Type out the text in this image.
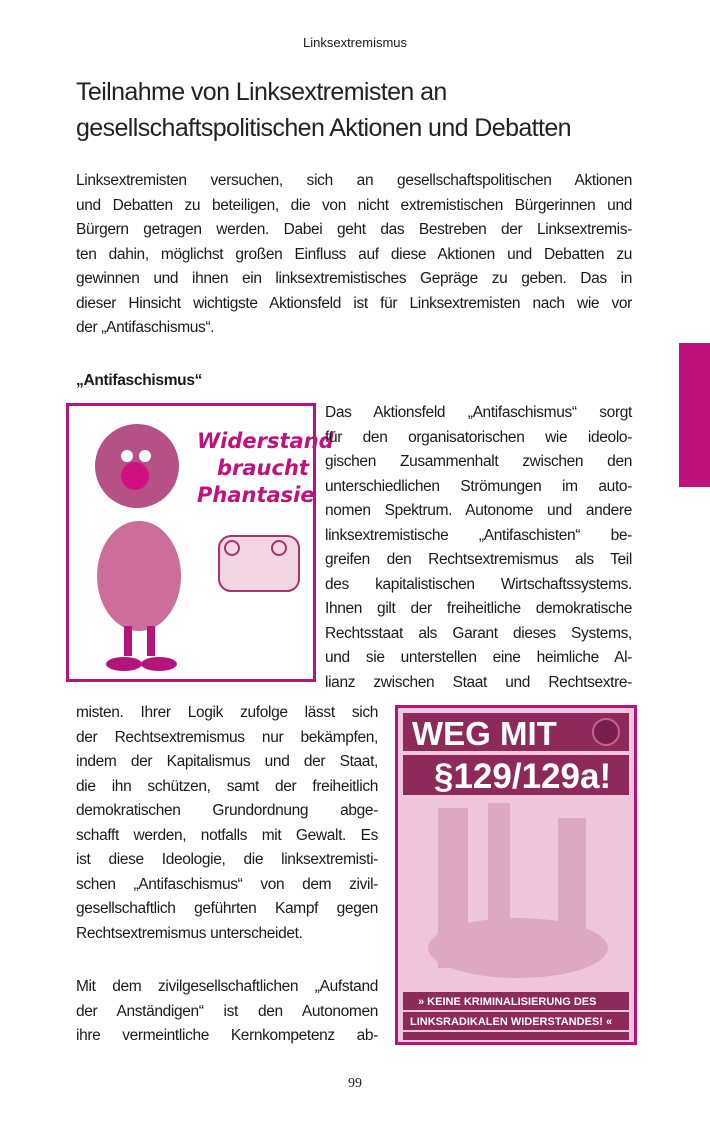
Linksextremismus
Teilnahme von Linksextremisten an
gesellschaftspolitischen Aktionen und Debatten
Linksextremisten versuchen, sich an gesellschaftspolitischen Aktionen
und Debatten zu beteiligen, die von nicht extremistischen Bürgerinnen und
Bürgern getragen werden. Dabei geht das Bestreben der Linksextremis-
ten dahin, möglichst großen Einfluss auf diese Aktionen und Debatten zu
gewinnen und ihnen ein linksextremistisches Gepräge zu geben. Das in
dieser Hinsicht wichtigste Aktionsfeld ist für Linksextremisten nach wie vor
der „Antifaschismus“.
„Antifaschismus“
Widerstand
braucht
Phantasie
Das Aktionsfeld „Antifaschismus“ sorgt
für den organisatorischen wie ideolo-
gischen Zusammenhalt zwischen den
unterschiedlichen Strömungen im auto-
nomen Spektrum. Autonome und andere
linksextremistische „Antifaschisten“ be-
greifen den Rechtsextremismus als Teil
des kapitalistischen Wirtschaftssystems.
Ihnen gilt der freiheitliche demokratische
Rechtsstaat als Garant dieses Systems,
und sie unterstellen eine heimliche Al-
lianz zwischen Staat und Rechtsextre-
misten. Ihrer Logik zufolge lässt sich
der Rechtsextremismus nur bekämpfen,
indem der Kapitalismus und der Staat,
die ihn schützen, samt der freiheitlich
demokratischen Grundordnung abge-
schafft werden, notfalls mit Gewalt. Es
ist diese Ideologie, die linksextremisti-
schen „Antifaschismus“ von dem zivil-
gesellschaftlich geführten Kampf gegen
Rechtsextremismus unterscheidet.
Mit dem zivilgesellschaftlichen „Aufstand
der Anständigen“ ist den Autonomen
ihre vermeintliche Kernkompetenz ab-
WEG MIT
§129/129a!
» KEINE KRIMINALISIERUNG DES
LINKSRADIKALEN WIDERSTANDES! «
99
